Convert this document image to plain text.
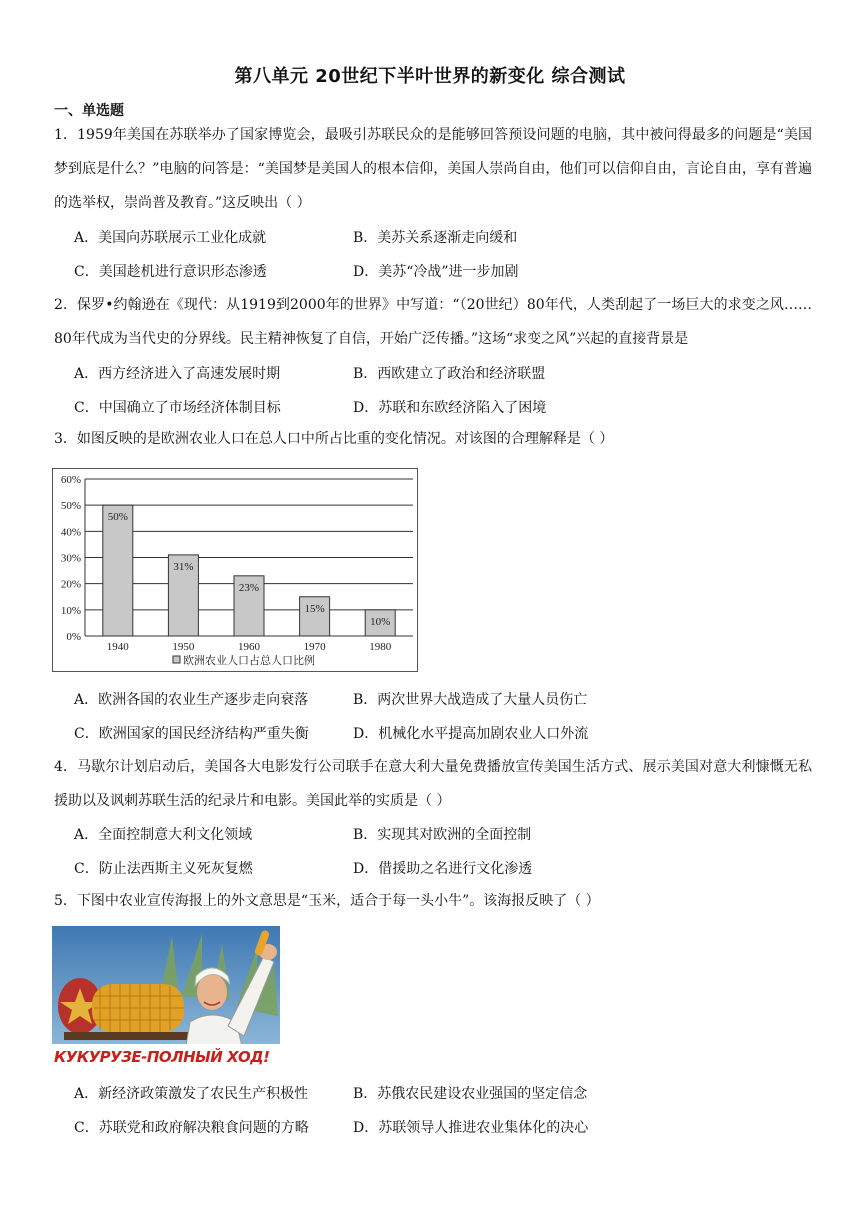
第八单元 20世纪下半叶世界的新变化 综合测试
一、单选题
1．1959年美国在苏联举办了国家博览会，最吸引苏联民众的是能够回答预设问题的电脑，其中被问得最多的问题是“美国梦到底是什么？”电脑的问答是：“美国梦是美国人的根本信仰，美国人崇尚自由，他们可以信仰自由，言论自由，享有普遍的选举权，崇尚普及教育。”这反映出（ ）
A．美国向苏联展示工业化成就	B．美苏关系逐渐走向缓和
C．美国趁机进行意识形态渗透	D．美苏“冷战”进一步加剧
2．保罗•约翰逊在《现代：从1919到2000年的世界》中写道：“（20世纪）80年代，人类刮起了一场巨大的求变之风……80年代成为当代史的分界线。民主精神恢复了自信，开始广泛传播。”这场“求变之风”兴起的直接背景是
A．西方经济进入了高速发展时期	B．西欧建立了政治和经济联盟
C．中国确立了市场经济体制目标	D．苏联和东欧经济陷入了困境
3．如图反映的是欧洲农业人口在总人口中所占比重的变化情况。对该图的合理解释是（ ）
0%
10%
20%
30%
40%
50%
60%
50%
1940
31%
1950
23%
1960
15%
1970
10%
1980
欧洲农业人口占总人口比例
A．欧洲各国的农业生产逐步走向衰落	B．两次世界大战造成了大量人员伤亡
C．欧洲国家的国民经济结构严重失衡	D．机械化水平提高加剧农业人口外流
4．马歇尔计划启动后，美国各大电影发行公司联手在意大利大量免费播放宣传美国生活方式、展示美国对意大利慷慨无私援助以及讽刺苏联生活的纪录片和电影。美国此举的实质是（ ）
A．全面控制意大利文化领域	B．实现其对欧洲的全面控制
C．防止法西斯主义死灰复燃	D．借援助之名进行文化渗透
5．下图中农业宣传海报上的外文意思是“玉米，适合于每一头小牛”。该海报反映了（ ）
КУКУРУЗЕ-ПОЛНЫЙ ХОД!
A．新经济政策激发了农民生产积极性	B．苏俄农民建设农业强国的坚定信念
C．苏联党和政府解决粮食问题的方略	D．苏联领导人推进农业集体化的决心
